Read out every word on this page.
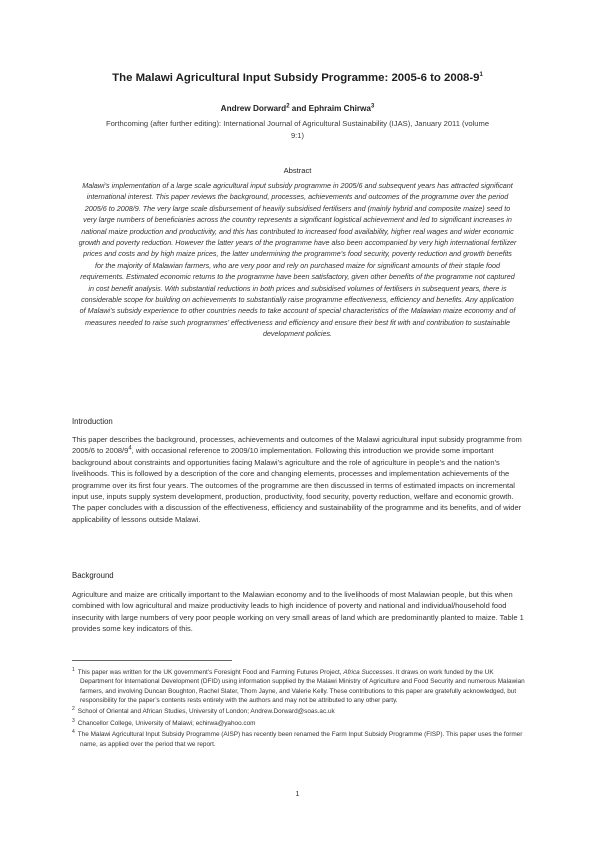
The Malawi Agricultural Input Subsidy Programme: 2005-6 to $2008-9^1$
Andrew Dorward$^2$ and Ephraim Chirwa$^3$
Forthcoming (after further editing): International Journal of Agricultural Sustainability (IJAS), January 2011 (volume 9:1)
Abstract

Malawi’s implementation of a large scale agricultural input subsidy programme in 2005/6 and subsequent years has attracted significant international interest. This paper reviews the background, processes, achievements and outcomes of the programme over the period 2005/6 to 2008/9. The very large scale disbursement of heavily subsidised fertilisers and (mainly hybrid and composite maize) seed to very large numbers of beneficiaries across the country represents a significant logistical achievement and led to significant increases in national maize production and productivity, and this has contributed to increased food availability, higher real wages and wider economic growth and poverty reduction. However the latter years of the programme have also been accompanied by very high international fertilizer prices and costs and by high maize prices, the latter undermining the programme’s food security, poverty reduction and growth benefits for the majority of Malawian farmers, who are very poor and rely on purchased maize for significant amounts of their staple food requirements. Estimated economic returns to the programme have been satisfactory, given other benefits of the programme not captured in cost benefit analysis. With substantial reductions in both prices and subsidised volumes of fertilisers in subsequent years, there is considerable scope for building on achievements to substantially raise programme effectiveness, efficiency and benefits. Any application of Malawi’s subsidy experience to other countries needs to take account of special characteristics of the Malawian maize economy and of measures needed to raise such programmes’ effectiveness and efficiency and ensure their best fit with and contribution to sustainable development policies.

Introduction

This paper describes the background, processes, achievements and outcomes of the Malawi agricultural input subsidy programme from 2005/6 to $2008/9^4$, with occasional reference to 2009/10 implementation. Following this introduction we provide some important background about constraints and opportunities facing Malawi’s agriculture and the role of agriculture in people’s and the nation’s livelihoods. This is followed by a description of the core and changing elements, processes and implementation achievements of the programme over its first four years. The outcomes of the programme are then discussed in terms of estimated impacts on incremental input use, inputs supply system development, production, productivity, food security, poverty reduction, welfare and economic growth. The paper concludes with a discussion of the effectiveness, efficiency and sustainability of the programme and its benefits, and of wider applicability of lessons outside Malawi.

Background

Agriculture and maize are critically important to the Malawian economy and to the livelihoods of most Malawian people, but this when combined with low agricultural and maize productivity leads to high incidence of poverty and national and individual/household food insecurity with large numbers of very poor people working on very small areas of land which are predominantly planted to maize. Table 1 provides some key indicators of this.

$^1$ This paper was written for the UK government’s Foresight Food and Farming Futures Project, Africa Successes. It draws on work funded by the UK Department for International Development (DFID) using information supplied by the Malawi Ministry of Agriculture and Food Security and numerous Malawian farmers, and involving Duncan Boughton, Rachel Slater, Thom Jayne, and Valerie Kelly. These contributions to this paper are gratefully acknowledged, but responsibility for the paper’s contents rests entirely with the authors and may not be attributed to any other party.

$^2$ School of Oriental and African Studies, University of London; Andrew.Dorward@soas.ac.uk

$^3$ Chancellor College, University of Malawi; echirwa@yahoo.com

$^4$ The Malawi Agricultural Input Subsidy Programme (AISP) has recently been renamed the Farm Input Subsidy Programme (FISP). This paper uses the former name, as applied over the period that we report.

1
